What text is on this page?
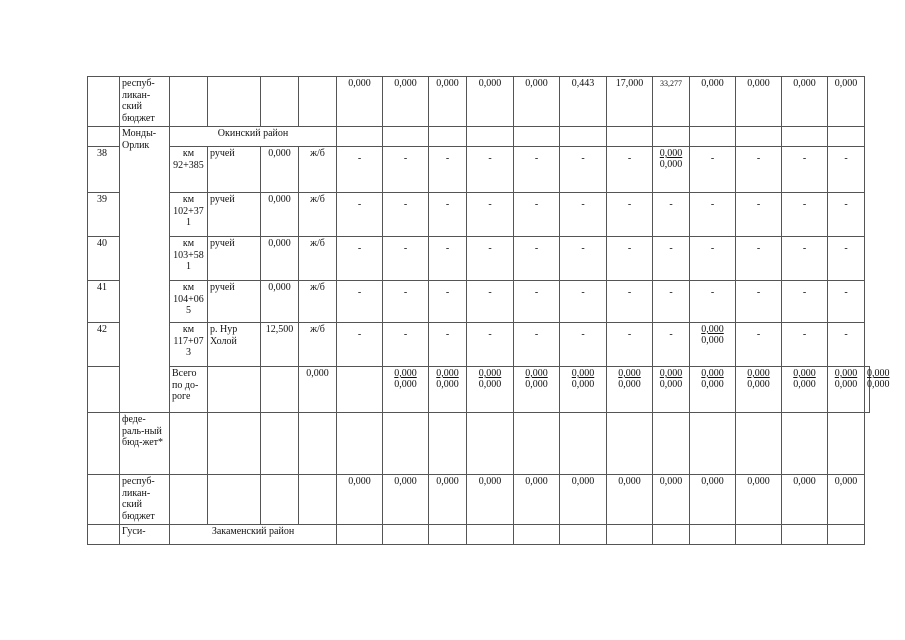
	респуб-ликан-ский бюджет					0,000	0,000	0,000	0,000	0,000	0,443	17,000	33,277	0,000	0,000	0,000	0,000	
	Монды-Орлик	Окинский район																
38		км 92+385	ручей	0,000	ж/б	-	-	-	-	-	-	-	$\frac{0,000}{0,000}$	-	-	-	-	
39		км 102+371	ручей	0,000	ж/б	-	-	-	-	-	-	-	-	-	-	-	-	
40		км 103+581	ручей	0,000	ж/б	-	-	-	-	-	-	-	-	-	-	-	-	
41		км 104+065	ручей	0,000	ж/б	-	-	-	-	-	-	-	-	-	-	-	-	
42		км 117+073	р. Нур Холой	12,500	ж/б	-	-	-	-	-	-	-	-	$\frac{0,000}{0,000}$	-	-	-	
		Всего по до-роге			0,000		$\frac{0,000}{0,000}$	$\frac{0,000}{0,000}$	$\frac{0,000}{0,000}$	$\frac{0,000}{0,000}$	$\frac{0,000}{0,000}$	$\frac{0,000}{0,000}$	$\frac{0,000}{0,000}$	$\frac{0,000}{0,000}$	$\frac{0,000}{0,000}$	$\frac{0,000}{0,000}$	$\frac{0,000}{0,000}$	$\frac{0,000}{0,000}$

	феде-раль-ный бюд-жет*																	
	респуб-ликан-ский бюджет					0,000	0,000	0,000	0,000	0,000	0,000	0,000	0,000	0,000	0,000	0,000	0,000	
	Гуси-	Закаменский район																
